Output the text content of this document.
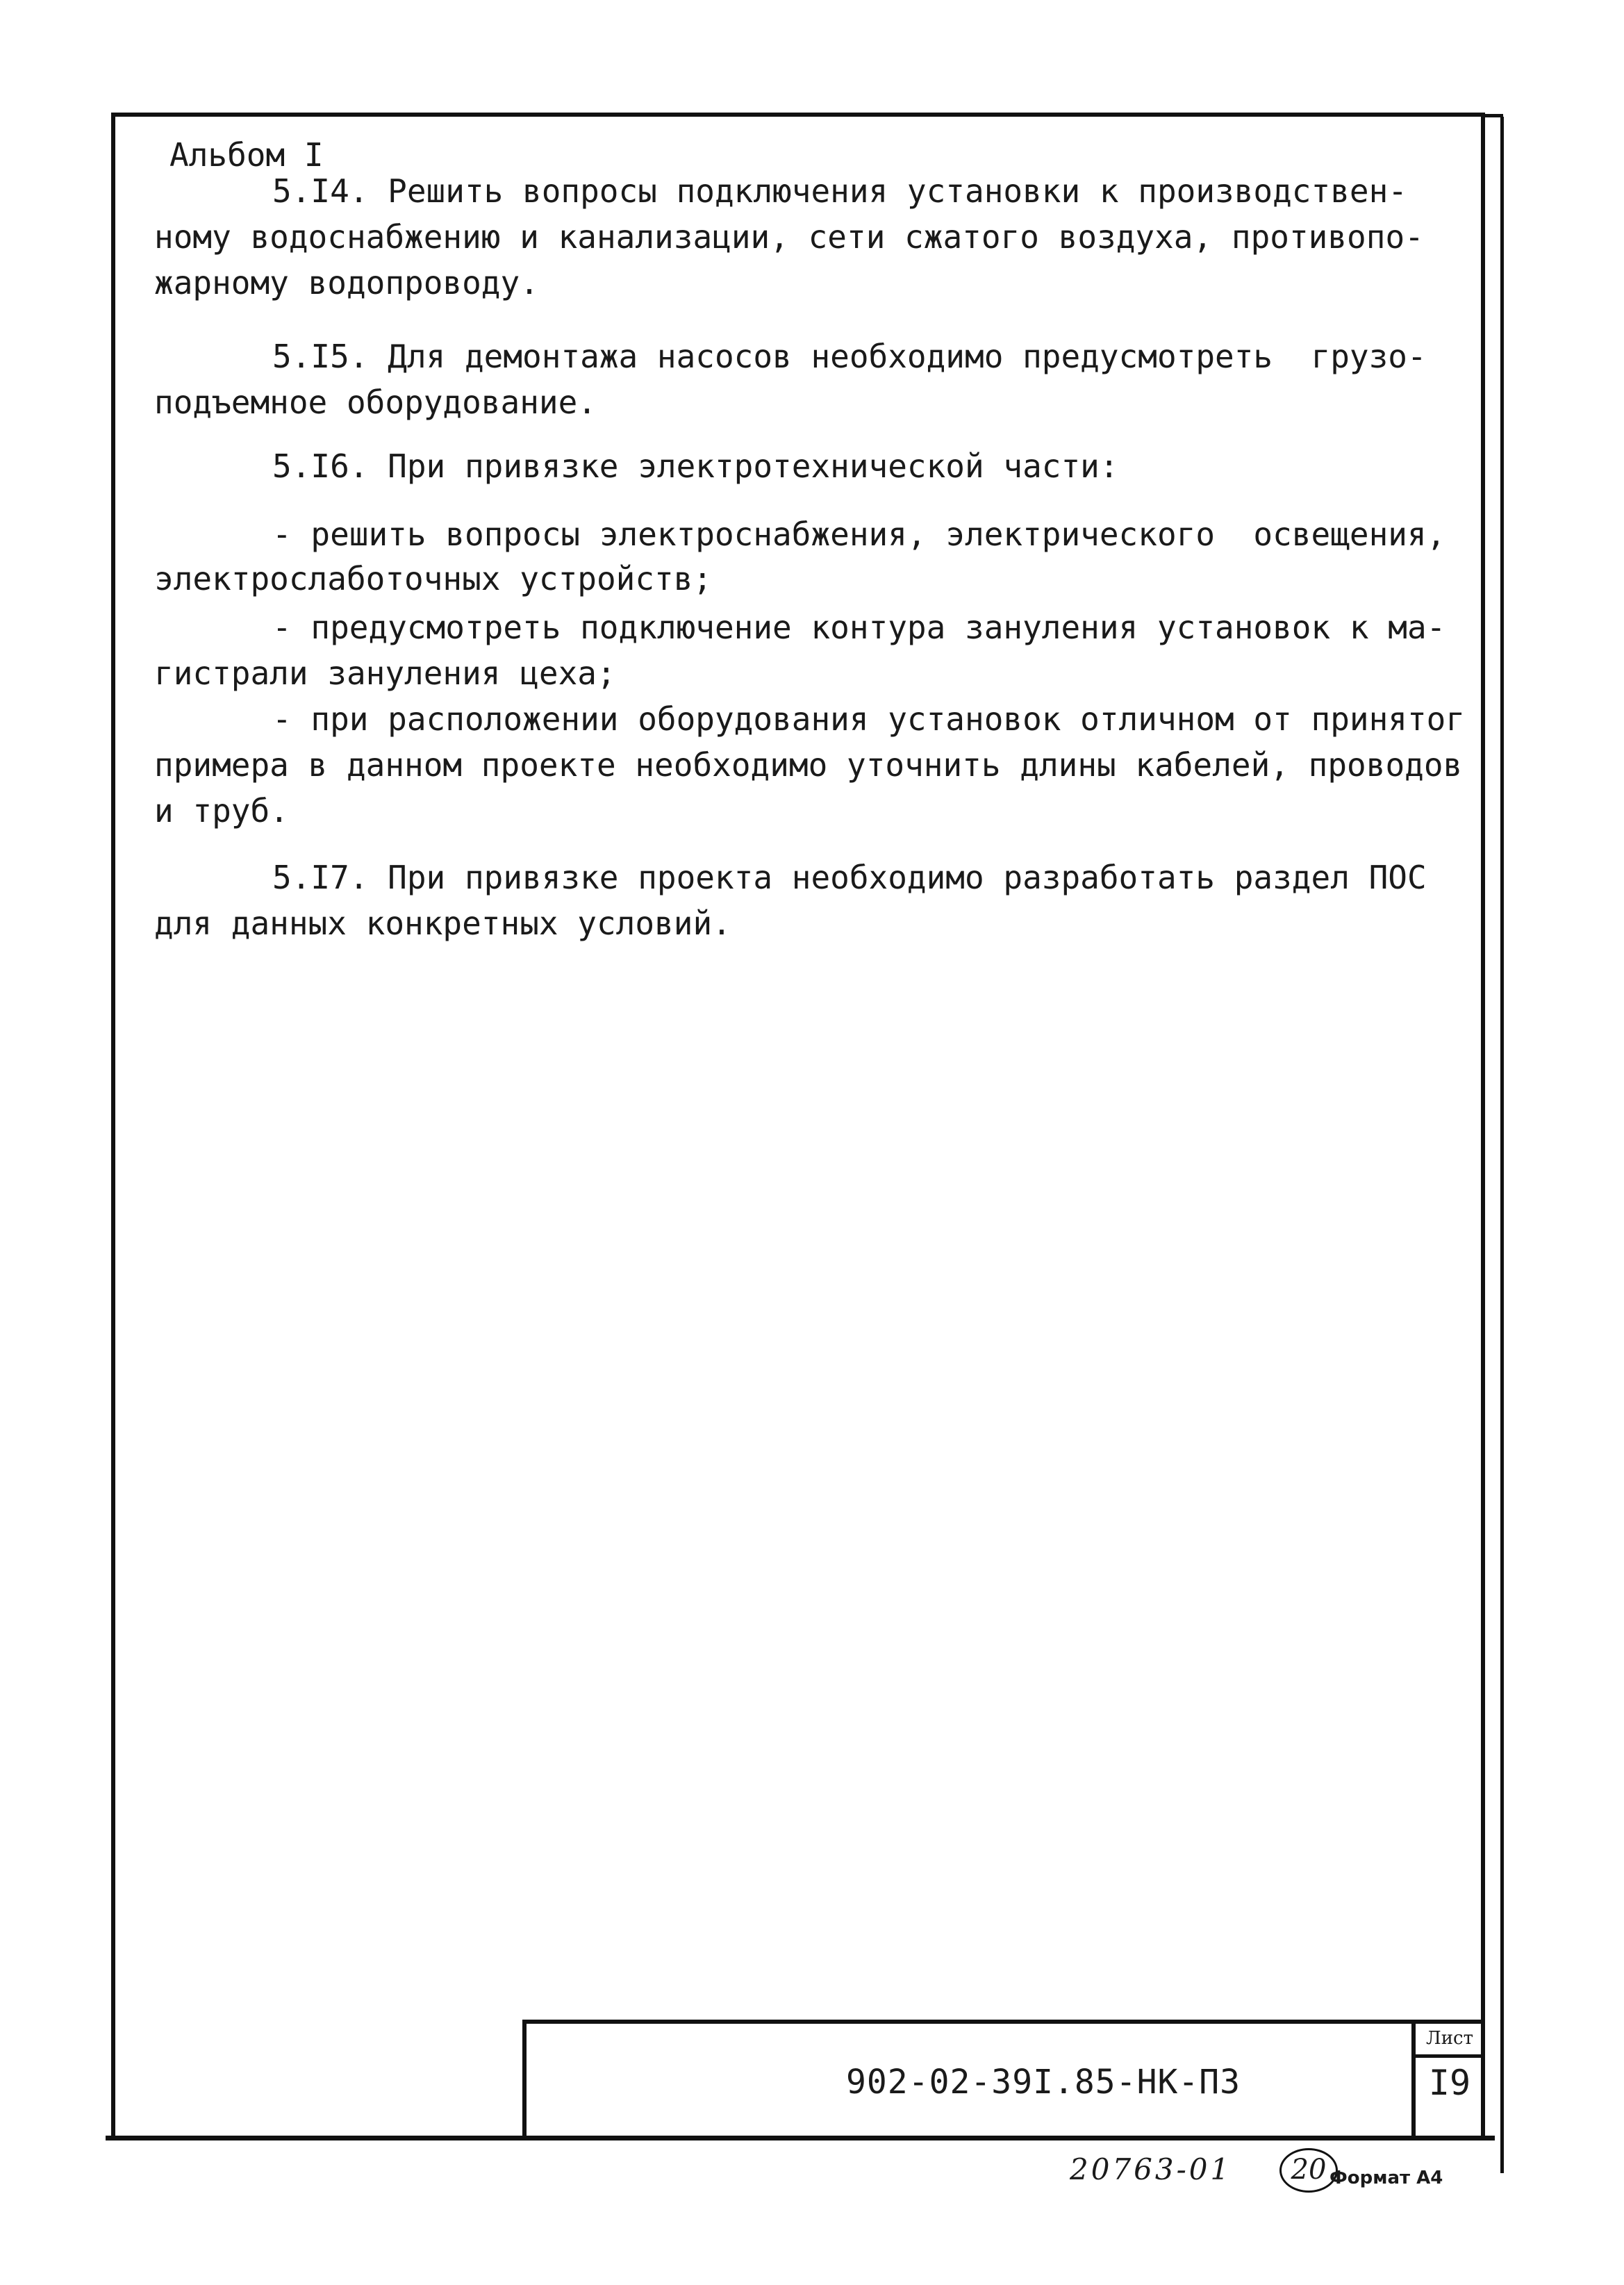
Альбом I
5.I4. Решить вопросы подключения установки к производствен-
ному водоснабжению и канализации, сети сжатого воздуха, противопо-
жарному водопроводу.
5.I5. Для демонтажа насосов необходимо предусмотреть  грузо-
подъемное оборудование.
5.I6. При привязке электротехнической части:
- решить вопросы электроснабжения, электрического  освещения,
электрослаботочных устройств;
- предусмотреть подключение контура зануления установок к ма-
гистрали зануления цеха;
- при расположении оборудования установок отличном от принятог
примера в данном проекте необходимо уточнить длины кабелей, проводов
и труб.
5.I7. При привязке проекта необходимо разработать раздел ПОС
для данных конкретных условий.
902-02-39I.85-НК-ПЗ
Лист
I9
20763-01	20 Формат А4
